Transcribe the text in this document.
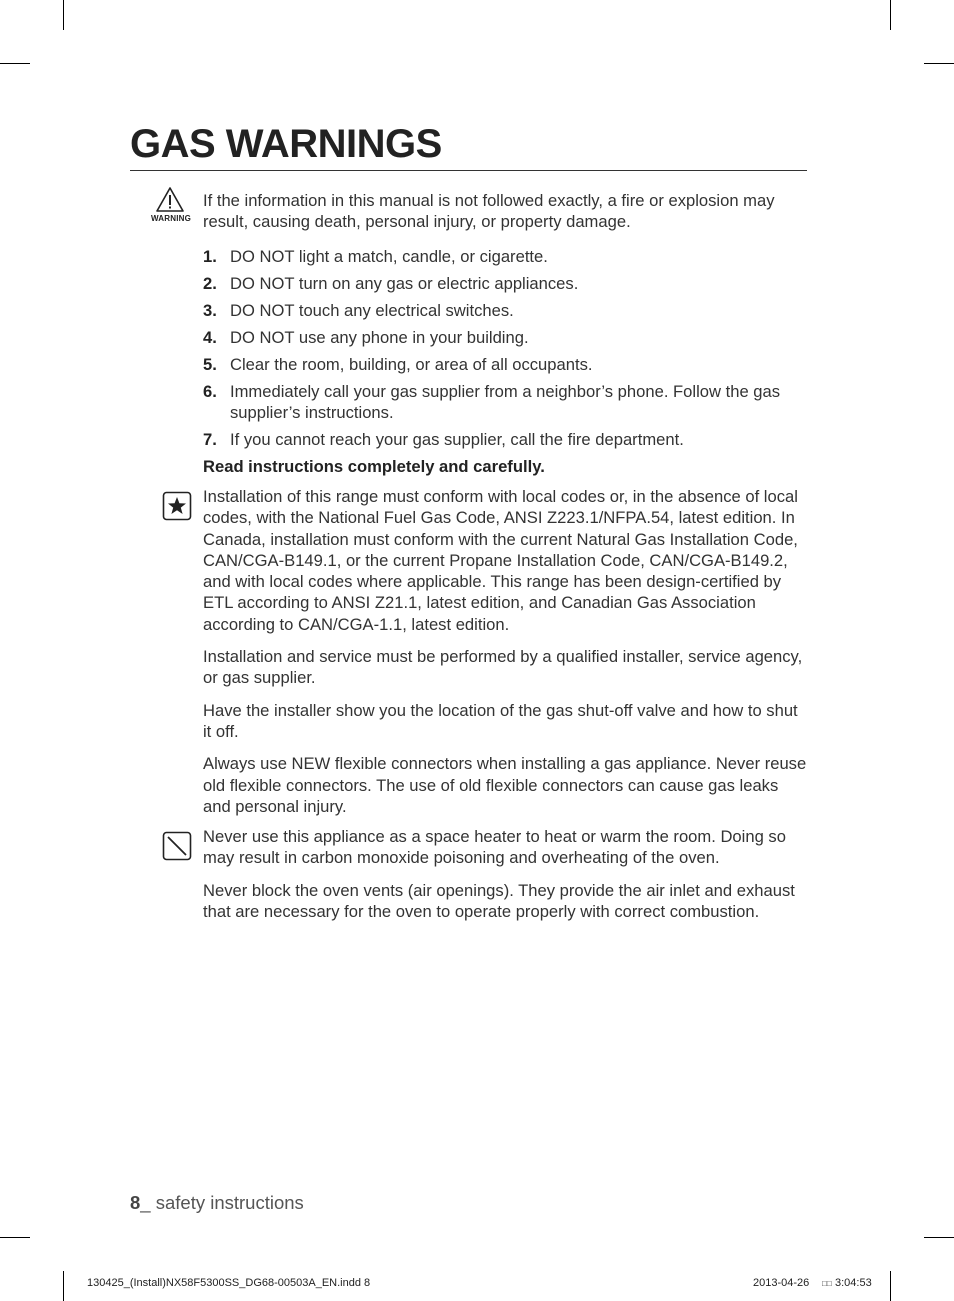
GAS WARNINGS
WARNING
If the information in this manual is not followed exactly, a fire or explosion may result, causing death, personal injury, or property damage.
1. DO NOT light a match, candle, or cigarette.
2. DO NOT turn on any gas or electric appliances.
3. DO NOT touch any electrical switches.
4. DO NOT use any phone in your building.
5. Clear the room, building, or area of all occupants.
6. Immediately call your gas supplier from a neighbor’s phone. Follow the gas supplier’s instructions.
7. If you cannot reach your gas supplier, call the fire department.
Read instructions completely and carefully.

Installation of this range must conform with local codes or, in the absence of local codes, with the National Fuel Gas Code, ANSI Z223.1/NFPA.54, latest edition. In Canada, installation must conform with the current Natural Gas Installation Code, CAN/CGA-B149.1, or the current Propane Installation Code, CAN/CGA-B149.2, and with local codes where applicable. This range has been design-certified by ETL according to ANSI Z21.1, latest edition, and Canadian Gas Association according to CAN/CGA-1.1, latest edition.

Installation and service must be performed by a qualified installer, service agency, or gas supplier.

Have the installer show you the location of the gas shut-off valve and how to shut it off.

Always use NEW flexible connectors when installing a gas appliance. Never reuse old flexible connectors. The use of old flexible connectors can cause gas leaks and personal injury.

Never use this appliance as a space heater to heat or warm the room. Doing so may result in carbon monoxide poisoning and overheating of the oven.

Never block the oven vents (air openings). They provide the air inlet and exhaust that are necessary for the oven to operate properly with correct combustion.

8_ safety instructions
130425_(Install)NX58F5300SS_DG68-00503A_EN.indd 8	2013-04-26 □□ 3:04:53
